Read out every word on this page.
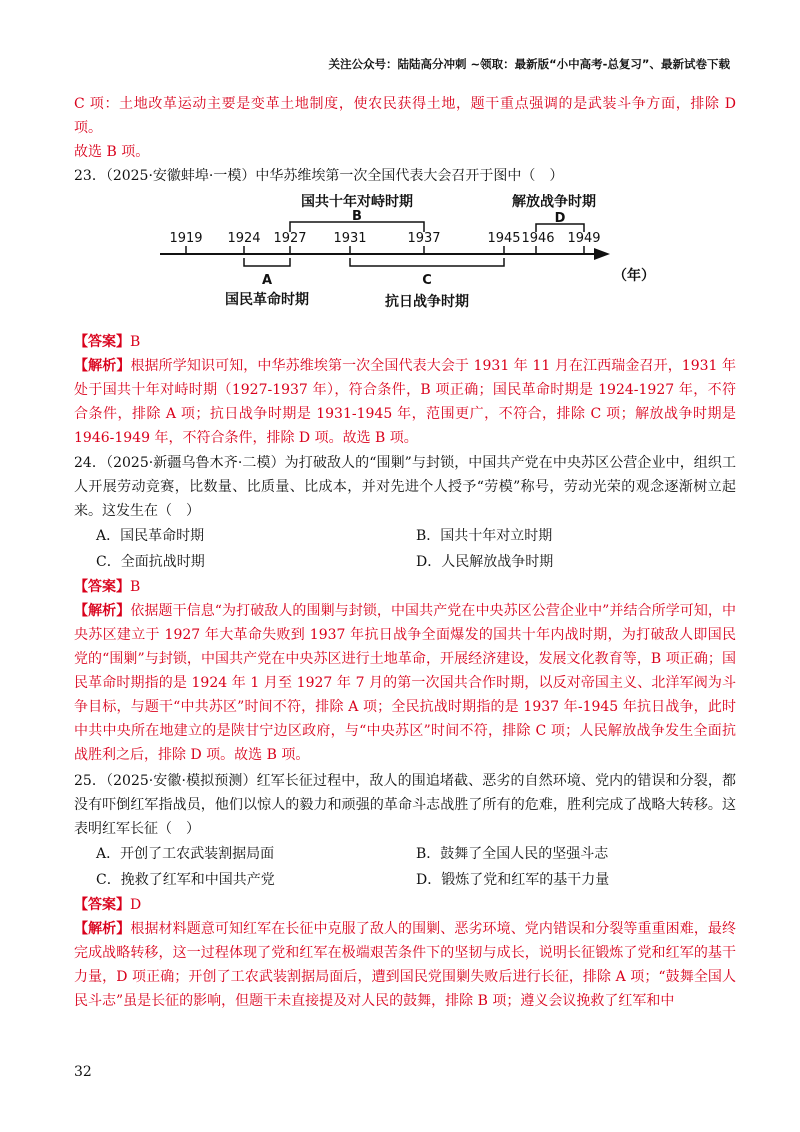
关注公众号：陆陆高分冲刺 ~领取：最新版“小中高考-总复习”、最新试卷下载

C 项：土地改革运动主要是变革土地制度，使农民获得土地，题干重点强调的是武装斗争方面，排除 D 项。

故选 B 项。

23．（2025·安徽蚌埠·一模）中华苏维埃第一次全国代表大会召开于图中（　）

1919 1924 1927 1931	1937	1945 1946 1949
国共十年对峙时期
B
解放战争时期
D
A
国民革命时期
C
抗日战争时期
（年）

【答案】B

【解析】根据所学知识可知，中华苏维埃第一次全国代表大会于 1931 年 11 月在江西瑞金召开，1931 年处于国共十年对峙时期（1927-1937 年），符合条件，B 项正确；国民革命时期是 1924-1927 年，不符合条件，排除 A 项；抗日战争时期是 1931-1945 年，范围更广，不符合，排除 C 项；解放战争时期是 1946-1949 年，不符合条件，排除 D 项。故选 B 项。

24．（2025·新疆乌鲁木齐·二模）为打破敌人的“围剿”与封锁，中国共产党在中央苏区公营企业中，组织工人开展劳动竞赛，比数量、比质量、比成本，并对先进个人授予“劳模”称号，劳动光荣的观念逐渐树立起来。这发生在（　）

A．国民革命时期	B．国共十年对立时期
C．全面抗战时期	D．人民解放战争时期

【答案】B

【解析】依据题干信息“为打破敌人的围剿与封锁，中国共产党在中央苏区公营企业中”并结合所学可知，中央苏区建立于 1927 年大革命失败到 1937 年抗日战争全面爆发的国共十年内战时期，为打破敌人即国民党的“围剿”与封锁，中国共产党在中央苏区进行土地革命，开展经济建设，发展文化教育等，B 项正确；国民革命时期指的是 1924 年 1 月至 1927 年 7 月的第一次国共合作时期，以反对帝国主义、北洋军阀为斗争目标，与题干“中共苏区”时间不符，排除 A 项；全民抗战时期指的是 1937 年-1945 年抗日战争，此时中共中央所在地建立的是陕甘宁边区政府，与“中央苏区”时间不符，排除 C 项；人民解放战争发生全面抗战胜利之后，排除 D 项。故选 B 项。

25．（2025·安徽·模拟预测）红军长征过程中，敌人的围追堵截、恶劣的自然环境、党内的错误和分裂，都没有吓倒红军指战员，他们以惊人的毅力和顽强的革命斗志战胜了所有的危难，胜利完成了战略大转移。这表明红军长征（　）

A．开创了工农武装割据局面	B．鼓舞了全国人民的坚强斗志
C．挽救了红军和中国共产党	D．锻炼了党和红军的基干力量

【答案】D

【解析】根据材料题意可知红军在长征中克服了敌人的围剿、恶劣环境、党内错误和分裂等重重困难，最终完成战略转移，这一过程体现了党和红军在极端艰苦条件下的坚韧与成长，说明长征锻炼了党和红军的基干力量，D 项正确；开创了工农武装割据局面后，遭到国民党围剿失败后进行长征，排除 A 项；“鼓舞全国人民斗志”虽是长征的影响，但题干未直接提及对人民的鼓舞，排除 B 项；遵义会议挽救了红军和中

32
